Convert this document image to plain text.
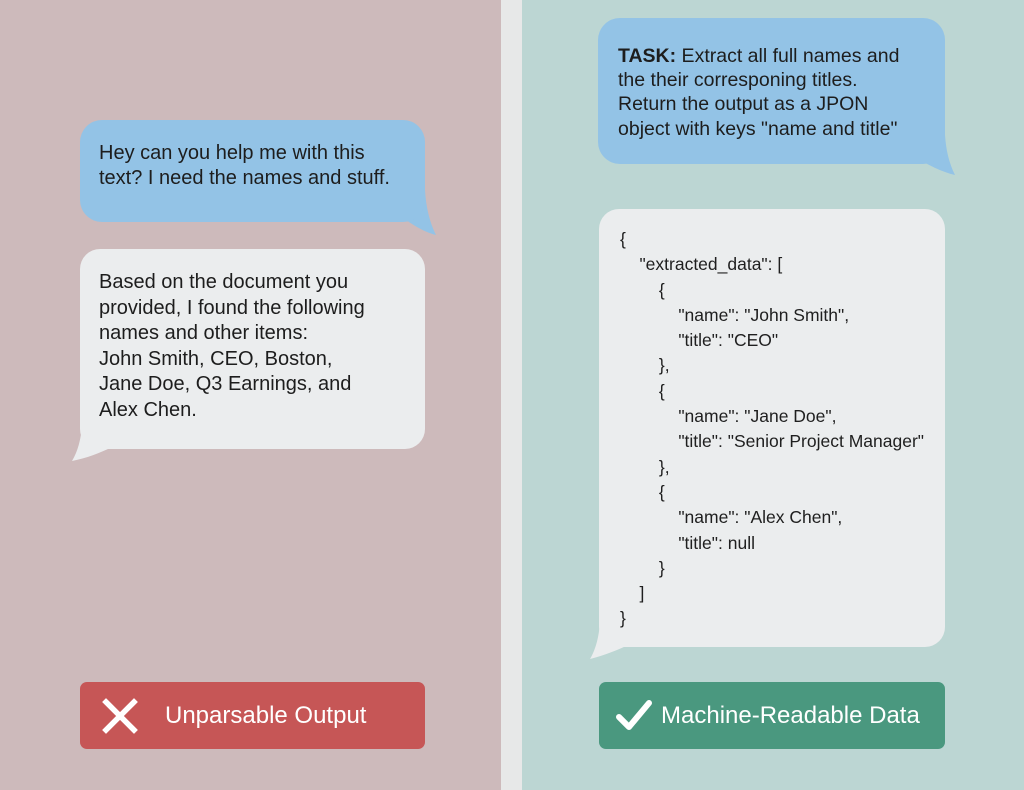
Hey can you help me with this text? I need the names and stuff.
Based on the document you
provided, I found the following
names and other items:
John Smith, CEO, Boston,
Jane Doe, Q3 Earnings, and
Alex Chen.
Unparsable Output
TASK: Extract all full names and
the their corresponing titles.
Return the output as a JPON
object with keys "name and title"
{
"extracted_data": [
{
"name": "John Smith",
"title": "CEO"
},
{
"name": "Jane Doe",
"title": "Senior Project Manager"
},
{
"name": "Alex Chen",
"title": null
}
]
}
Machine-Readable Data
